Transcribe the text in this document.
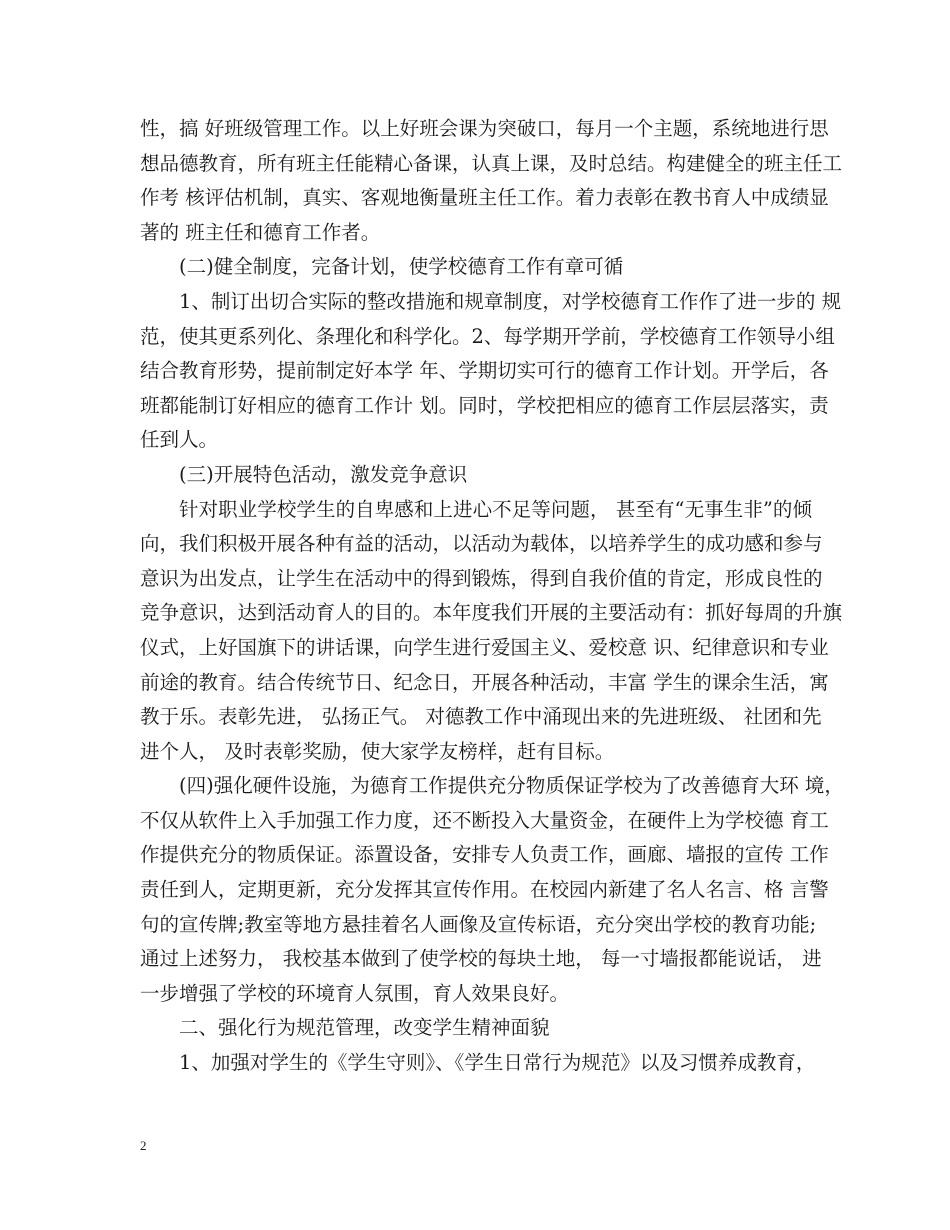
性，搞 好班级管理工作。以上好班会课为突破口，每月一个主题，系统地进行思
想品德教育，所有班主任能精心备课，认真上课，及时总结。构建健全的班主任工
作考 核评估机制，真实、客观地衡量班主任工作。着力表彰在教书育人中成绩显
著的 班主任和德育工作者。
(二)健全制度，完备计划，使学校德育工作有章可循
1、制订出切合实际的整改措施和规章制度，对学校德育工作作了进一步的 规
范，使其更系列化、条理化和科学化。2、每学期开学前，学校德育工作领导小组
结合教育形势，提前制定好本学 年、学期切实可行的德育工作计划。开学后，各
班都能制订好相应的德育工作计 划。同时，学校把相应的德育工作层层落实，责
任到人。
(三)开展特色活动，激发竞争意识
针对职业学校学生的自卑感和上进心不足等问题， 甚至有“无事生非”的倾
向，我们积极开展各种有益的活动，以活动为载体，以培养学生的成功感和参与
意识为出发点，让学生在活动中的得到锻炼，得到自我价值的肯定，形成良性的
竞争意识，达到活动育人的目的。本年度我们开展的主要活动有：抓好每周的升旗
仪式，上好国旗下的讲话课，向学生进行爱国主义、爱校意 识、纪律意识和专业
前途的教育。结合传统节日、纪念日，开展各种活动，丰富 学生的课余生活，寓
教于乐。表彰先进， 弘扬正气。 对德教工作中涌现出来的先进班级、 社团和先
进个人， 及时表彰奖励，使大家学友榜样，赶有目标。
(四)强化硬件设施，为德育工作提供充分物质保证学校为了改善德育大环 境，
不仅从软件上入手加强工作力度，还不断投入大量资金，在硬件上为学校德 育工
作提供充分的物质保证。添置设备，安排专人负责工作，画廊、墙报的宣传 工作
责任到人，定期更新，充分发挥其宣传作用。在校园内新建了名人名言、格 言警
句的宣传牌;教室等地方悬挂着名人画像及宣传标语，充分突出学校的教育功能;
通过上述努力， 我校基本做到了使学校的每块土地， 每一寸墙报都能说话， 进
一步增强了学校的环境育人氛围，育人效果良好。
二、强化行为规范管理，改变学生精神面貌
1、加强对学生的《学生守则》、《学生日常行为规范》以及习惯养成教育，
2
